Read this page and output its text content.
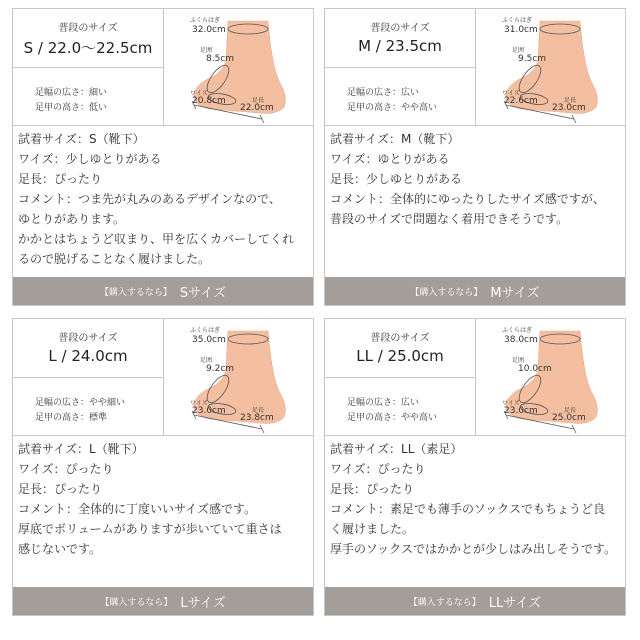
普段のサイズ
S / 22.0〜22.5cm
足幅の広さ：細い
足甲の高さ：低い
ふくらはぎ
32.0cm
足囲
8.5cm
ワイズ
20.8cm	足長
22.0cm
試着サイズ：S（靴下）
ワイズ：少しゆとりがある
足長：ぴったり
コメント：つま先が丸みのあるデザインなので、
ゆとりがあります。
かかとはちょうど収まり、甲を広くカバーしてくれ
るので脱げることなく履けました。
【購入するなら】 Sサイズ
普段のサイズ
M / 23.5cm
足幅の広さ：広い
足甲の高さ：やや高い
ふくらはぎ
31.0cm
足囲
9.5cm
ワイズ
22.6cm	足長
23.0cm
試着サイズ：M（靴下）
ワイズ：ゆとりがある
足長：少しゆとりがある
コメント：全体的にゆったりしたサイズ感ですが、
普段のサイズで問題なく着用できそうです。
【購入するなら】 Mサイズ
普段のサイズ
L / 24.0cm
足幅の広さ：やや細い
足甲の高さ：標準
ふくらはぎ
35.0cm
足囲
9.2cm
ワイズ
23.0cm	足長
23.8cm
試着サイズ：L（靴下）
ワイズ：ぴったり
足長：ぴったり
コメント：全体的に丁度いいサイズ感です。
厚底でボリュームがありますが歩いていて重さは
感じないです。
【購入するなら】 Lサイズ
普段のサイズ
LL / 25.0cm
足幅の広さ：広い
足甲の高さ：やや高い
ふくらはぎ
38.0cm
足囲
10.0cm
ワイズ
23.0cm	足長
25.0cm
試着サイズ：LL（素足）
ワイズ：ぴったり
足長：ぴったり
コメント：素足でも薄手のソックスでもちょうど良
く履けました。
厚手のソックスではかかとが少しはみ出しそうです。
【購入するなら】 LLサイズ
